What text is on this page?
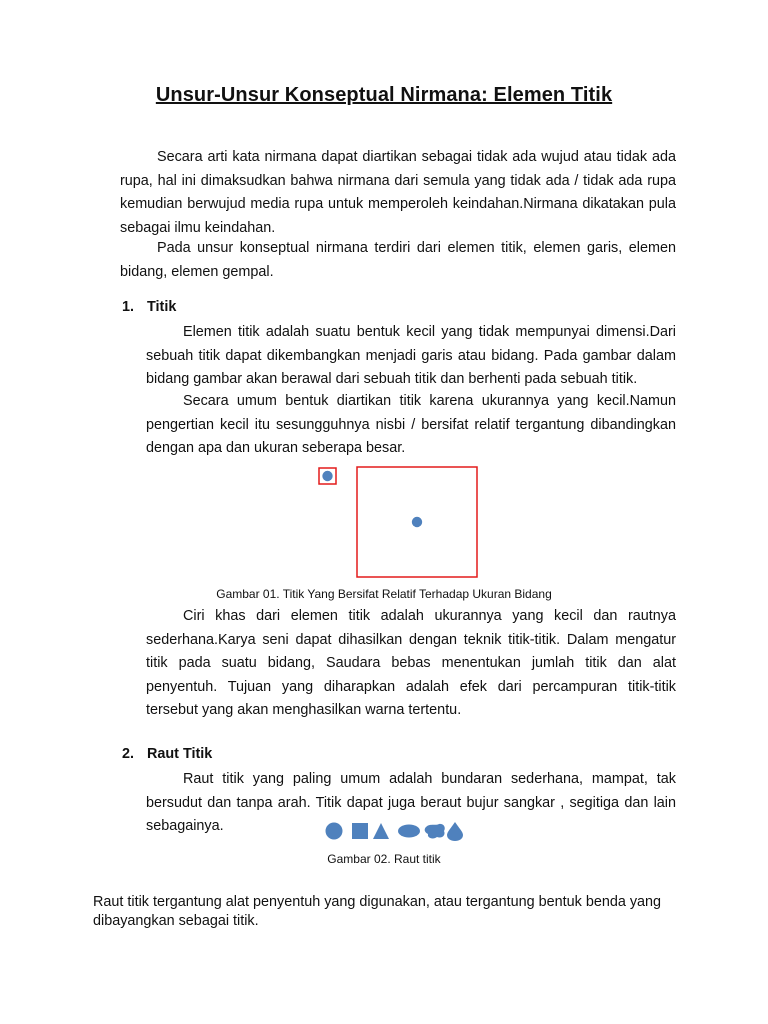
Unsur-Unsur Konseptual Nirmana: Elemen Titik

Secara arti kata nirmana dapat diartikan sebagai tidak ada wujud atau tidak ada rupa, hal ini dimaksudkan bahwa nirmana dari semula yang tidak ada / tidak ada rupa kemudian berwujud media rupa untuk memperoleh keindahan.Nirmana dikatakan pula sebagai ilmu keindahan.

Pada unsur konseptual nirmana terdiri dari elemen titik, elemen garis, elemen bidang, elemen gempal.

1. Titik

Elemen titik adalah suatu bentuk kecil yang tidak mempunyai dimensi.Dari sebuah titik dapat dikembangkan menjadi garis atau bidang. Pada gambar dalam bidang gambar akan berawal dari sebuah titik dan berhenti pada sebuah titik.

Secara umum bentuk diartikan titik karena ukurannya yang kecil.Namun pengertian kecil itu sesungguhnya nisbi / bersifat relatif tergantung dibandingkan dengan apa dan ukuran seberapa besar.

Gambar 01. Titik Yang Bersifat Relatif Terhadap Ukuran Bidang

Ciri khas dari elemen titik adalah ukurannya yang kecil dan rautnya sederhana.Karya seni dapat dihasilkan dengan teknik titik-titik. Dalam mengatur titik pada suatu bidang, Saudara bebas menentukan jumlah titik dan alat penyentuh. Tujuan yang diharapkan adalah efek dari percampuran titik-titik tersebut yang akan menghasilkan warna tertentu.

2. Raut Titik

Raut titik yang paling umum adalah bundaran sederhana, mampat, tak bersudut dan tanpa arah. Titik dapat juga beraut bujur sangkar , segitiga dan lain sebagainya.

Gambar 02. Raut titik

Raut titik tergantung alat penyentuh yang digunakan, atau tergantung bentuk benda yang dibayangkan sebagai titik.
